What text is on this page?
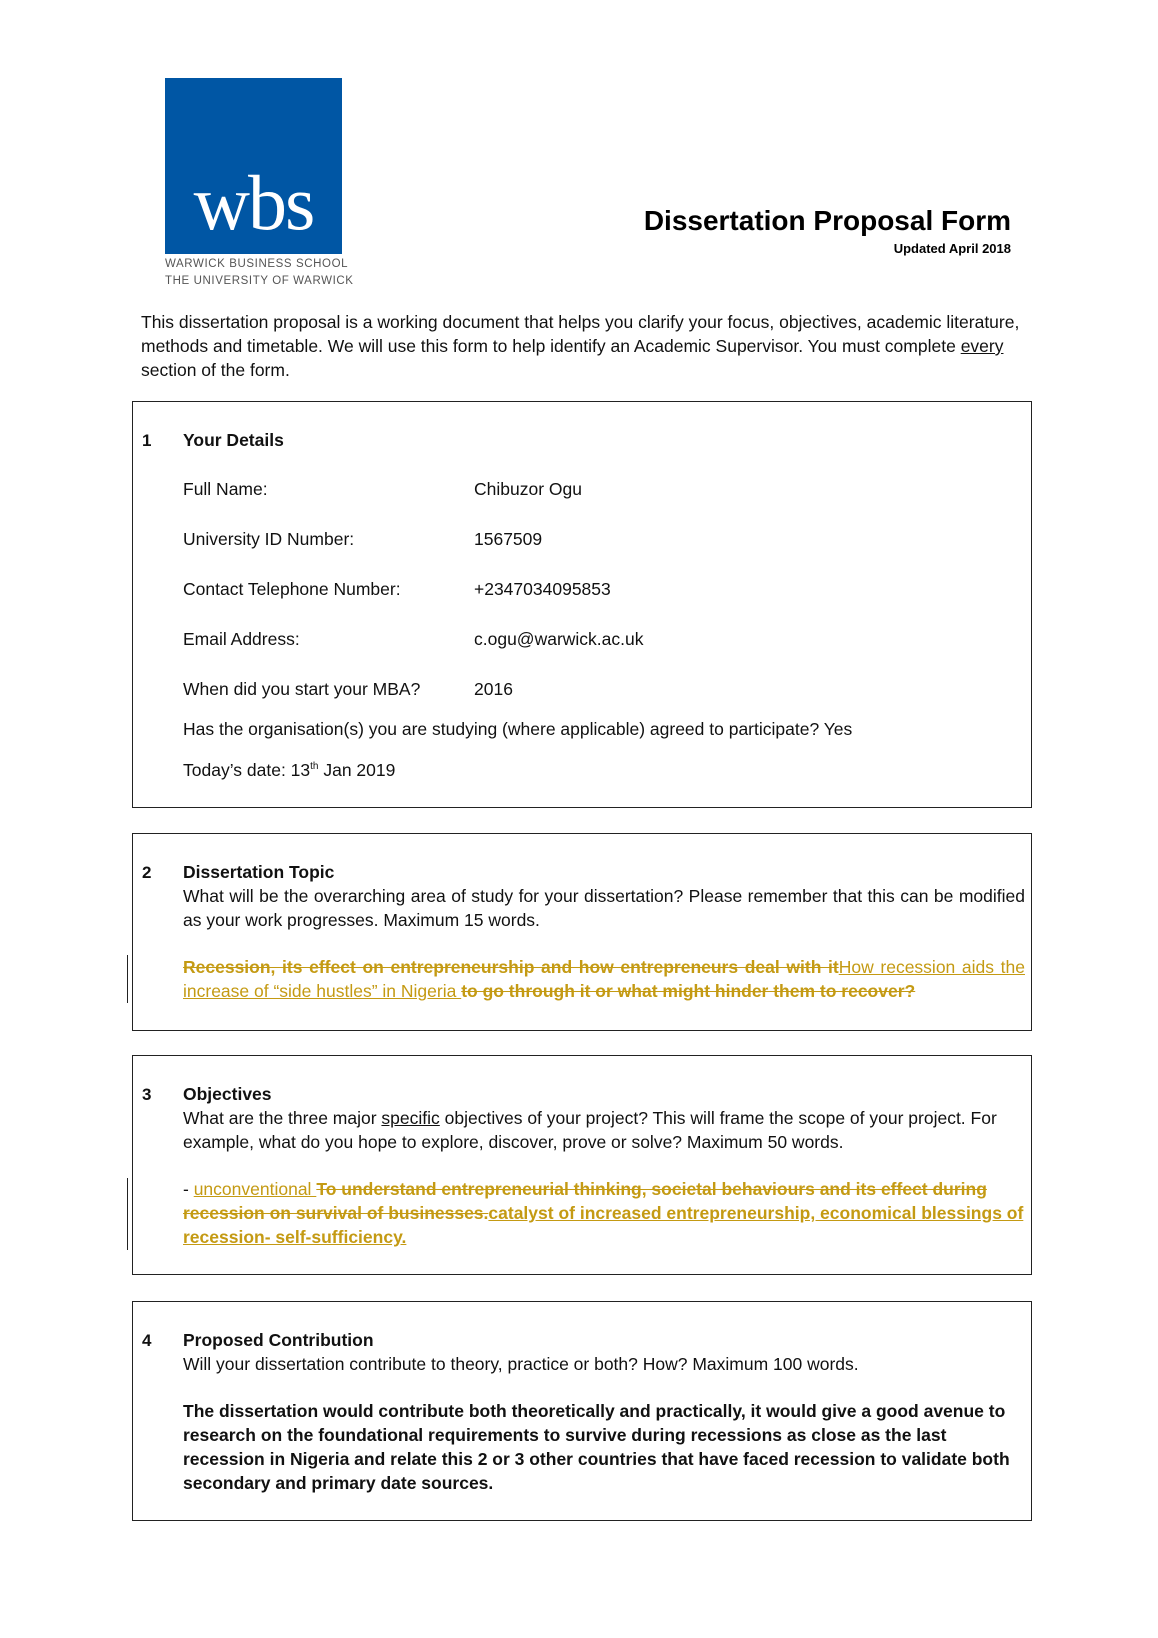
wbs
WARWICK BUSINESS SCHOOL
THE UNIVERSITY OF WARWICK
Dissertation Proposal Form
Updated April 2018
This dissertation proposal is a working document that helps you clarify your focus, objectives, academic literature, methods and timetable. We will use this form to help identify an Academic Supervisor. You must complete every section of the form.
1 Your Details
Full Name:	Chibuzor Ogu
University ID Number:	1567509
Contact Telephone Number:	+2347034095853
Email Address:	c.ogu@warwick.ac.uk
When did you start your MBA?	2016
Has the organisation(s) you are studying (where applicable) agreed to participate? Yes
Today’s date: 13th Jan 2019
2 Dissertation Topic
What will be the overarching area of study for your dissertation? Please remember that this can be modified as your work progresses. Maximum 15 words.
Recession, its effect on entrepreneurship and how entrepreneurs deal with itHow recession aids the increase of “side hustles” in Nigeria to go through it or what might hinder them to recover?
3 Objectives
What are the three major specific objectives of your project? This will frame the scope of your project. For example, what do you hope to explore, discover, prove or solve? Maximum 50 words.
- unconventional To understand entrepreneurial thinking, societal behaviours and its effect during recession on survival of businesses.catalyst of increased entrepreneurship, economical blessings of recession- self-sufficiency.
4 Proposed Contribution
Will your dissertation contribute to theory, practice or both? How? Maximum 100 words.
The dissertation would contribute both theoretically and practically, it would give a good avenue to research on the foundational requirements to survive during recessions as close as the last recession in Nigeria and relate this 2 or 3 other countries that have faced recession to validate both secondary and primary date sources.
